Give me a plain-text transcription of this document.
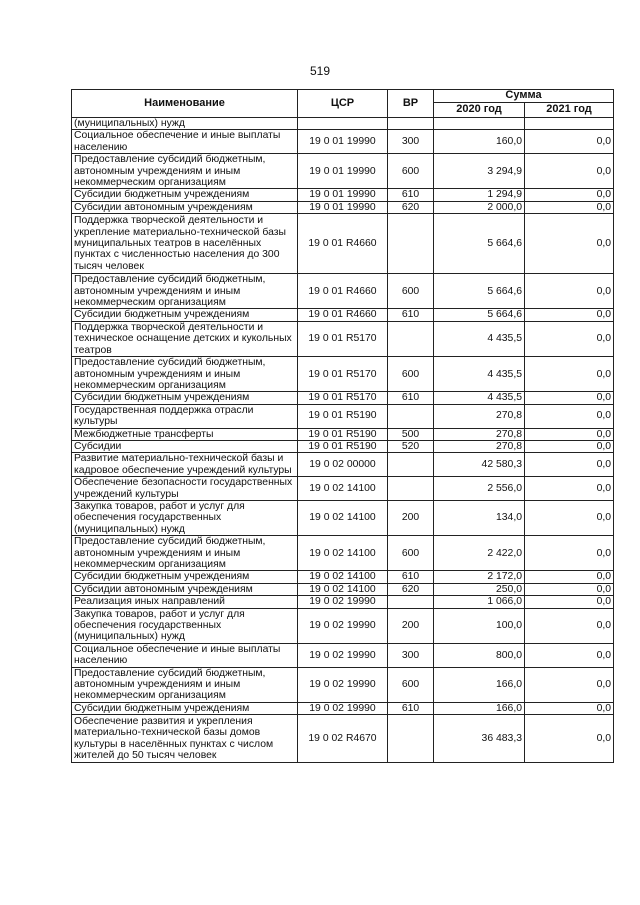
519
Наименование	ЦСР	ВР	Сумма	
			2020 год	2021 год
(муниципальных) нужд				
Социальное обеспечение и иные выплаты населению	19 0 01 19990	300	160,0	0,0
Предоставление субсидий бюджетным, автономным учреждениям и иным некоммерческим организациям	19 0 01 19990	600	3 294,9	0,0
Субсидии бюджетным учреждениям	19 0 01 19990	610	1 294,9	0,0
Субсидии автономным учреждениям	19 0 01 19990	620	2 000,0	0,0
Поддержка творческой деятельности и укрепление материально-технической базы муниципальных театров в населённых пунктах с численностью населения до 300 тысяч человек	19 0 01 R4660		5 664,6	0,0
Предоставление субсидий бюджетным, автономным учреждениям и иным некоммерческим организациям	19 0 01 R4660	600	5 664,6	0,0
Субсидии бюджетным учреждениям	19 0 01 R4660	610	5 664,6	0,0
Поддержка творческой деятельности и техническое оснащение детских и кукольных театров	19 0 01 R5170		4 435,5	0,0
Предоставление субсидий бюджетным, автономным учреждениям и иным некоммерческим организациям	19 0 01 R5170	600	4 435,5	0,0
Субсидии бюджетным учреждениям	19 0 01 R5170	610	4 435,5	0,0
Государственная поддержка отрасли культуры	19 0 01 R5190		270,8	0,0
Межбюджетные трансферты	19 0 01 R5190	500	270,8	0,0
Субсидии	19 0 01 R5190	520	270,8	0,0
Развитие материально-технической базы и кадровое обеспечение учреждений культуры	19 0 02 00000		42 580,3	0,0
Обеспечение безопасности государственных учреждений культуры	19 0 02 14100		2 556,0	0,0
Закупка товаров, работ и услуг для обеспечения государственных (муниципальных) нужд	19 0 02 14100	200	134,0	0,0
Предоставление субсидий бюджетным, автономным учреждениям и иным некоммерческим организациям	19 0 02 14100	600	2 422,0	0,0
Субсидии бюджетным учреждениям	19 0 02 14100	610	2 172,0	0,0
Субсидии автономным учреждениям	19 0 02 14100	620	250,0	0,0
Реализация иных направлений	19 0 02 19990		1 066,0	0,0
Закупка товаров, работ и услуг для обеспечения государственных (муниципальных) нужд	19 0 02 19990	200	100,0	0,0
Социальное обеспечение и иные выплаты населению	19 0 02 19990	300	800,0	0,0
Предоставление субсидий бюджетным, автономным учреждениям и иным некоммерческим организациям	19 0 02 19990	600	166,0	0,0
Субсидии бюджетным учреждениям	19 0 02 19990	610	166,0	0,0
Обеспечение развития и укрепления материально-технической базы домов культуры в населённых пунктах с числом жителей до 50 тысяч человек	19 0 02 R4670		36 483,3	0,0
